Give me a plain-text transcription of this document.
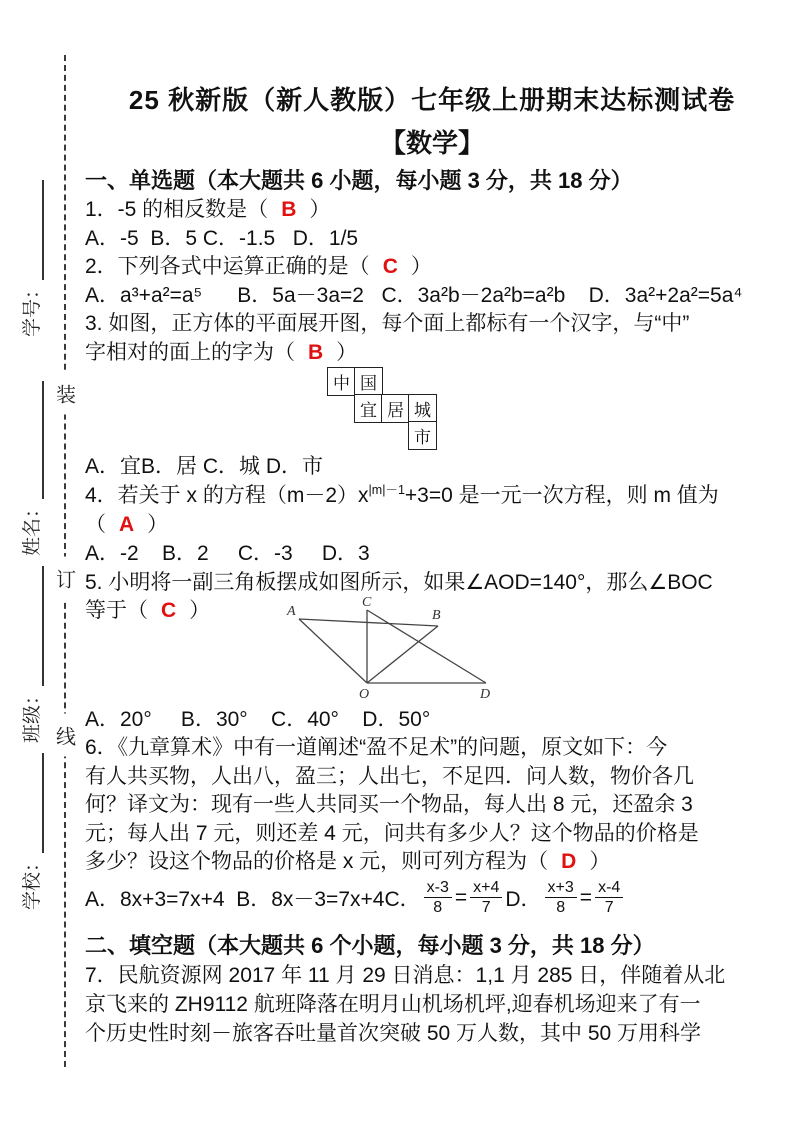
装
订
线
学校：
班级：
姓名：
学号：
A
C
B
O	D
25 秋新版（新人教版）七年级上册期末达标测试卷
【数学】
一、单选题（本大题共 6 小题，每小题 3 分，共 18 分）
1．-5 的相反数是（ B ）
A．-5  B．5 C．-1.5   D．1/5
2．下列各式中运算正确的是（ C ）
A．a³+a²=a⁵      B．5a－3a=2   C．3a²b－2a²b=a²b    D．3a²+2a²=5a⁴
3. 如图，正方体的平面展开图，每个面上都标有一个汉字，与“中”
字相对的面上的字为（ B ）
中 国
宜 居 城
市
A．宜B．居 C．城 D．市
4．若关于 x 的方程$(m-2)x^{|m|-1}+3=0$ 是一元一次方程，则 m 值为
（ A ）
A．-2    B．2     C．-3     D．3
5. 小明将一副三角板摆成如图所示，如果∠AOD=140°，那么∠BOC
等于（ C ）
A．20°     B．30°    C．40°    D．50°
6．《九章算术》中有一道阐述“盈不足术”的问题，原文如下：今
有人共买物，人出八，盈三；人出七，不足四．问人数，物价各几
何？译文为：现有一些人共同买一个物品，每人出 8 元，还盈余 3
元；每人出 7 元，则还差 4 元，问共有多少人？这个物品的价格是
多少？设这个物品的价格是 x 元，则可列方程为（ D ）
A．8x+3=7x+4 B．8x－3=7x+4 C． $\frac{x-3}{8} = \frac{x+4}{7}$ D． $\frac{x+3}{8} = \frac{x-4}{7}$
二、填空题（本大题共 6 个小题，每小题 3 分，共 18 分）
7．民航资源网 2017 年 11 月 29 日消息：1,1 月 285 日，伴随着从北
京飞来的 ZH9112 航班降落在明月山机场机坪,迎春机场迎来了有一
个历史性时刻－旅客吞吐量首次突破 50 万人数，其中 50 万用科学
